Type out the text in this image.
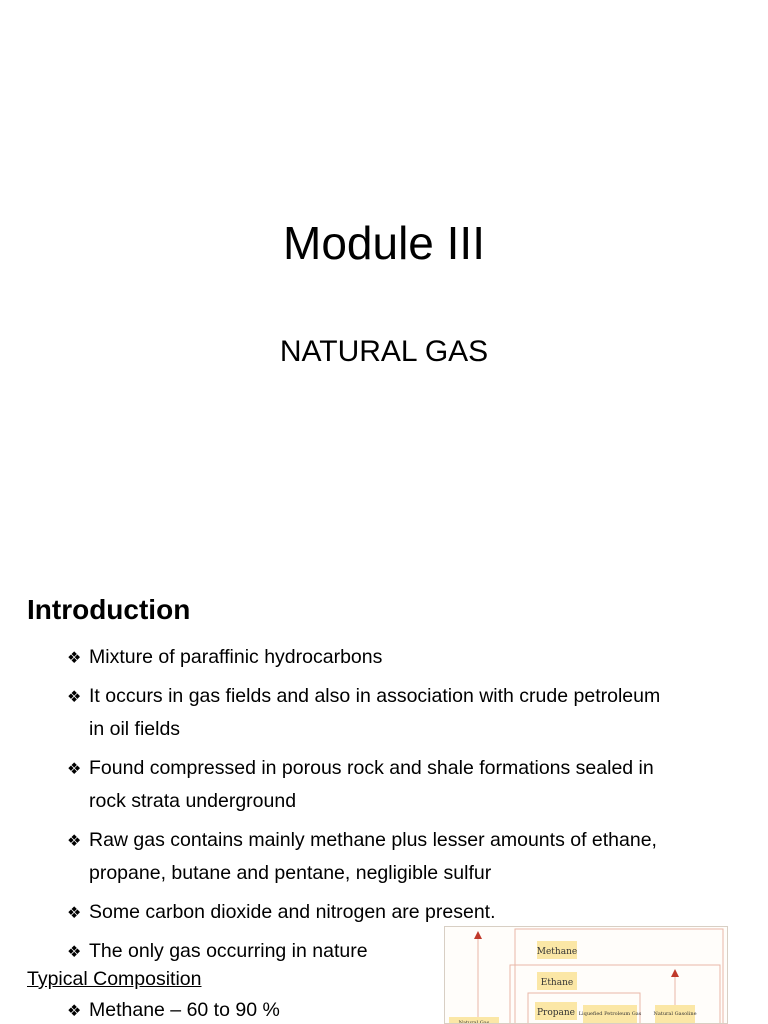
Module III
NATURAL GAS
Introduction
❖ Mixture of paraffinic hydrocarbons
❖ It occurs in gas fields and also in association with crude petroleum
in oil fields
❖ Found compressed in porous rock and shale formations sealed in
rock strata underground
❖ Raw gas contains mainly methane plus lesser amounts of ethane,
propane, butane and pentane, negligible sulfur
❖ Some carbon dioxide and nitrogen are present.
❖ The only gas occurring in nature
Typical Composition
❖ Methane – 60 to 90 %
Methane
Ethane
Propane Liquefied Petroleum Gas Natural Gasoline
Natural Gas
